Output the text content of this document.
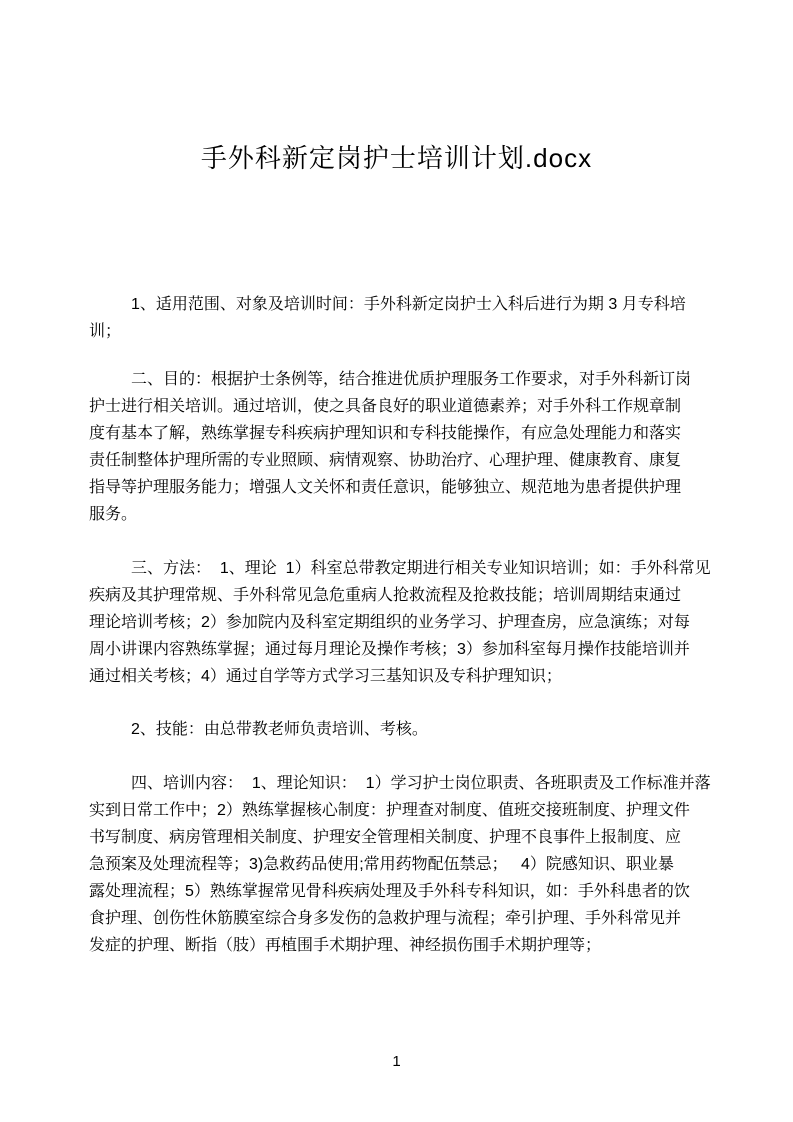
手外科新定岗护士培训计划.docx
1、适用范围、对象及培训时间：手外科新定岗护士入科后进行为期 3 月专科培
训；
二、目的：根据护士条例等，结合推进优质护理服务工作要求，对手外科新订岗
护士进行相关培训。通过培训，使之具备良好的职业道德素养；对手外科工作规章制
度有基本了解，熟练掌握专科疾病护理知识和专科技能操作，有应急处理能力和落实
责任制整体护理所需的专业照顾、病情观察、协助治疗、心理护理、健康教育、康复
指导等护理服务能力；增强人文关怀和责任意识，能够独立、规范地为患者提供护理
服务。
三、方法：  1、理论  1）科室总带教定期进行相关专业知识培训；如：手外科常见
疾病及其护理常规、手外科常见急危重病人抢救流程及抢救技能；培训周期结束通过
理论培训考核；2）参加院内及科室定期组织的业务学习、护理查房，应急演练；对每
周小讲课内容熟练掌握；通过每月理论及操作考核；3）参加科室每月操作技能培训并
通过相关考核；4）通过自学等方式学习三基知识及专科护理知识；
2、技能：由总带教老师负责培训、考核。
四、培训内容：  1、理论知识：  1）学习护士岗位职责、各班职责及工作标准并落
实到日常工作中；2）熟练掌握核心制度：护理查对制度、值班交接班制度、护理文件
书写制度、病房管理相关制度、护理安全管理相关制度、护理不良事件上报制度、应
急预案及处理流程等；3)急救药品使用;常用药物配伍禁忌；   4）院感知识、职业暴
露处理流程；5）熟练掌握常见骨科疾病处理及手外科专科知识，如：手外科患者的饮
食护理、创伤性休筋膜室综合身多发伤的急救护理与流程；牵引护理、手外科常见并
发症的护理、断指（肢）再植围手术期护理、神经损伤围手术期护理等；
1
